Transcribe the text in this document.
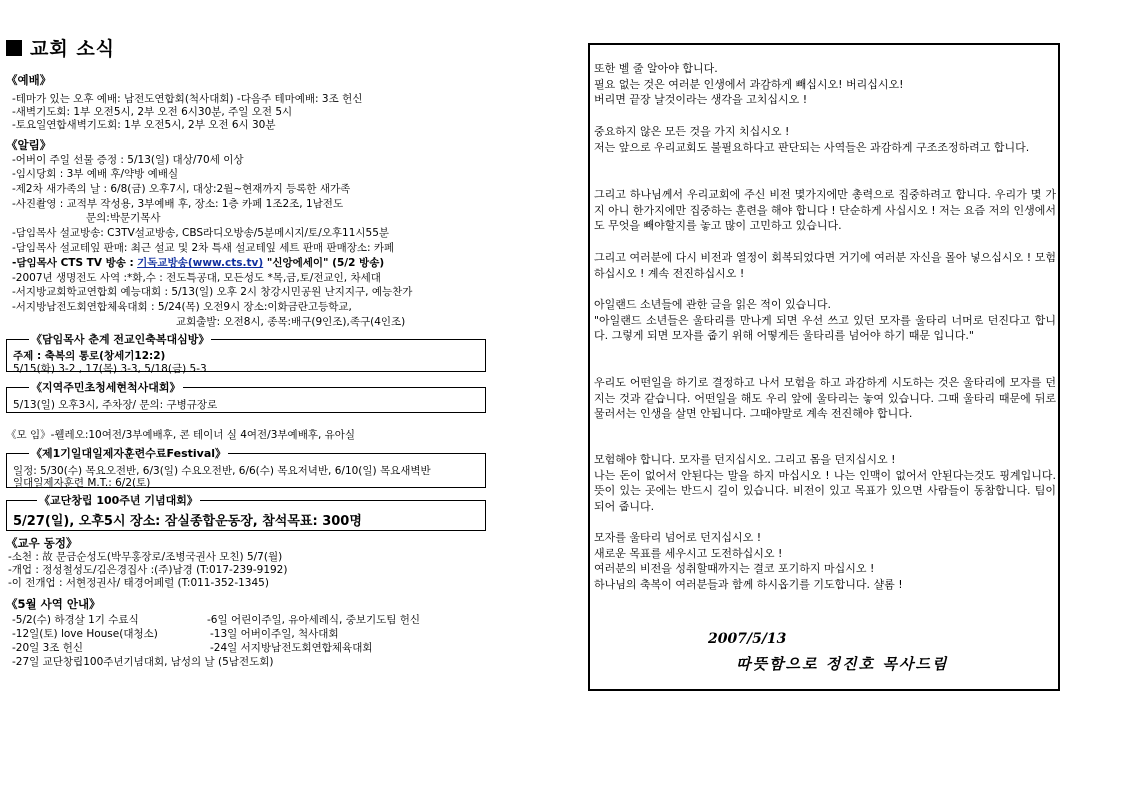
교회 소식
《예배》
-테마가 있는 오후 예배: 남전도연합회(척사대회) -다음주 테마예배: 3조 헌신
-새벽기도회: 1부 오전5시, 2부 오전 6시30분, 주일 오전 5시
-토요일연합새벽기도회: 1부 오전5시, 2부 오전 6시 30분
《알림》
-어버이 주일 선물 증정 : 5/13(일) 대상/70세 이상
-임시당회 : 3부 예배 후/약방 예배실
-제2차 새가족의 날 : 6/8(금) 오후7시, 대상:2월~현재까지 등록한 새가족
-사진촬영 : 교적부 작성용, 3부예배 후, 장소: 1층 카페 1조2조, 1남전도
문의:박문기목사
-담임목사 설교방송: C3TV설교방송, CBS라디오방송/5분메시지/토/오후11시55분
-담임목사 설교테잎 판매: 최근 설교 및 2차 특새 설교테잎 세트 판매 판매장소: 카페
-담임목사 CTS TV 방송 : 기독교방송(www.cts.tv) "신앙에세이" (5/2 방송)
-2007년 생명전도 사역 :*화,수 : 전도특공대, 모든성도 *목,금,토/전교인, 차세대
-서지방교회학교연합회 예능대회 : 5/13(일) 오후 2시 창강시민공원 난지지구, 예능찬가
-서지방남전도회연합체육대회 : 5/24(목) 오전9시 장소:이화금란고등학교,
교회출발: 오전8시, 종목:배구(9인조),족구(4인조)
《담임목사 춘계 전교인축복대심방》
주제 : 축복의 통로(창세기12:2)
5/15(화) 3-2 , 17(목) 3-3, 5/18(금) 5-3
《지역주민초청세현척사대회》
5/13(일) 오후3시, 주차장/ 문의: 구병규장로
《모 임》-웰레오:10여전/3부예배후, 콘 테이너 실 4여전/3부예배후, 유아실
《제1기일대일제자훈련수료Festival》
일정: 5/30(수) 목요오전반, 6/3(일) 수요오전반, 6/6(수) 목요저녁반, 6/10(일) 목요새벽반
일대일제자훈련 M.T.: 6/2(토)
《교단창립 100주년 기념대회》
5/27(일), 오후5시 장소: 잠실종합운동장, 참석목표: 300명
《교우 동정》
-소천 : 故 문금순성도(박무홍장로/조병국권사 모친) 5/7(월)
-개업 : 정성철성도/김은경집사 :(주)남경 (T:017-239-9192)
-이 전개업 : 서현정권사/ 태경어페럴 (T:011-352-1345)
《5월 사역 안내》
-5/2(수) 하경살 1기 수료식	-6일 어린이주일, 유아세례식, 중보기도팀 헌신
-12일(토) love House(대청소)	-13일 어버이주일, 척사대회
-20일 3조 헌신	-24일 서지방남전도회연합체육대회
-27일 교단창립100주년기념대회, 남성의 날 (5남전도회)

또한 벨 줄 알아야 합니다.
필요 없는 것은 여러분 인생에서 과감하게 빼십시오! 버리십시오!
버리면 끝장 날것이라는 생각을 고치십시오 !

중요하지 않은 모든 것을 가지 치십시오 !
저는 앞으로 우리교회도 불필요하다고 판단되는 사역들은 과감하게 구조조정하려고 합니다.

그리고 하나님께서 우리교회에 주신 비전 몇가지에만 총력으로 집중하려고 합니다. 우리가 몇 가지 아니 한가지에만 집중하는 훈련을 해야 합니다 ! 단순하게 사십시오 ! 저는 요즘 저의 인생에서도 무엇을 빼야할지를 놓고 많이 고민하고 있습니다.

그리고 여러분에 다시 비전과 열정이 회복되었다면 거기에 여러분 자신을 몰아 넣으십시오 ! 모험하십시오 ! 계속 전진하십시오 !

아일랜드 소년들에 관한 글을 읽은 적이 있습니다.
"아일랜드 소년들은 울타리를 만나게 되면 우선 쓰고 있던 모자를 울타리 너머로 던진다고 합니다. 그렇게 되면 모자를 줍기 위해 어떻게든 울타리를 넘어야 하기 때문 입니다."

우리도 어떤일을 하기로 결정하고 나서 모험을 하고 과감하게 시도하는 것은 울타리에 모자를 던지는 것과 같습니다. 어떤일을 해도 우리 앞에 울타리는 놓여 있습니다. 그때 울타리 때문에 뒤로 물러서는 인생을 살면 안됩니다. 그때야말로 계속 전진해야 합니다.

모험해야 합니다. 모자를 던지십시오. 그리고 몸을 던지십시오 !
나는 돈이 없어서 안된다는 말을 하지 마십시오 ! 나는 인맥이 없어서 안된다는것도 핑계입니다. 뜻이 있는 곳에는 반드시 길이 있습니다. 비전이 있고 목표가 있으면 사람들이 동참합니다. 팀이 되어 줍니다.

모자를 울타리 넘어로 던지십시오 !
새로운 목표를 세우시고 도전하십시오 !
여러분의 비전을 성취할때까지는 결코 포기하지 마십시오 !
하나님의 축복이 여러분들과 함께 하시옵기를 기도합니다. 샬롬 !

2007/5/13
따뜻함으로 정진호 목사드림
